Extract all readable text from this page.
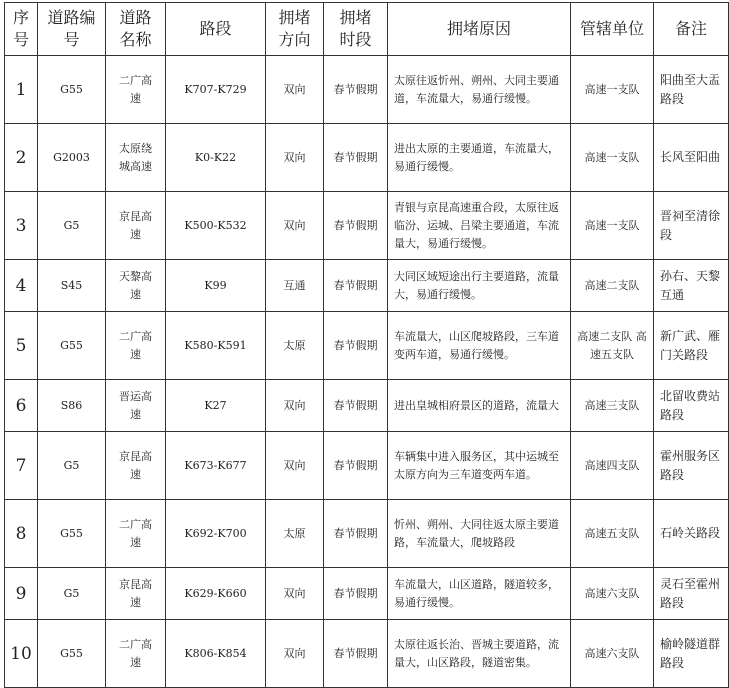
序号	道路编号	道路名称	路段	拥堵方向	拥堵时段	拥堵原因	管辖单位	备注
1	G55	二广高速	K707-K729	双向	春节假期	太原往返忻州、朔州、大同主要通道，车流量大，易通行缓慢。	高速一支队	阳曲至大盂路段
2	G2003	太原绕城高速	K0-K22	双向	春节假期	进出太原的主要通道，车流量大，易通行缓慢。	高速一支队	长风至阳曲
3	G5	京昆高速	K500-K532	双向	春节假期	青银与京昆高速重合段，太原往返临汾、运城、吕梁主要通道，车流量大，易通行缓慢。	高速一支队	晋祠至清徐段
4	S45	天黎高速	K99	互通	春节假期	大同区域短途出行主要道路，流量大，易通行缓慢。	高速二支队	孙右、天黎互通
5	G55	二广高速	K580-K591	太原	春节假期	车流量大，山区爬坡路段，三车道变两车道，易通行缓慢。	高速二支队 高速五支队	新广武、雁门关路段
6	S86	晋运高速	K27	双向	春节假期	进出皇城相府景区的道路，流量大	高速三支队	北留收费站路段
7	G5	京昆高速	K673-K677	双向	春节假期	车辆集中进入服务区，其中运城至太原方向为三车道变两车道。	高速四支队	霍州服务区路段
8	G55	二广高速	K692-K700	太原	春节假期	忻州、朔州、大同往返太原主要道路，车流量大，爬坡路段	高速五支队	石岭关路段
9	G5	京昆高速	K629-K660	双向	春节假期	车流量大，山区道路，隧道较多，易通行缓慢。	高速六支队	灵石至霍州路段
10	G55	二广高速	K806-K854	双向	春节假期	太原往返长治、晋城主要道路，流量大，山区路段，隧道密集。	高速六支队	榆岭隧道群路段
